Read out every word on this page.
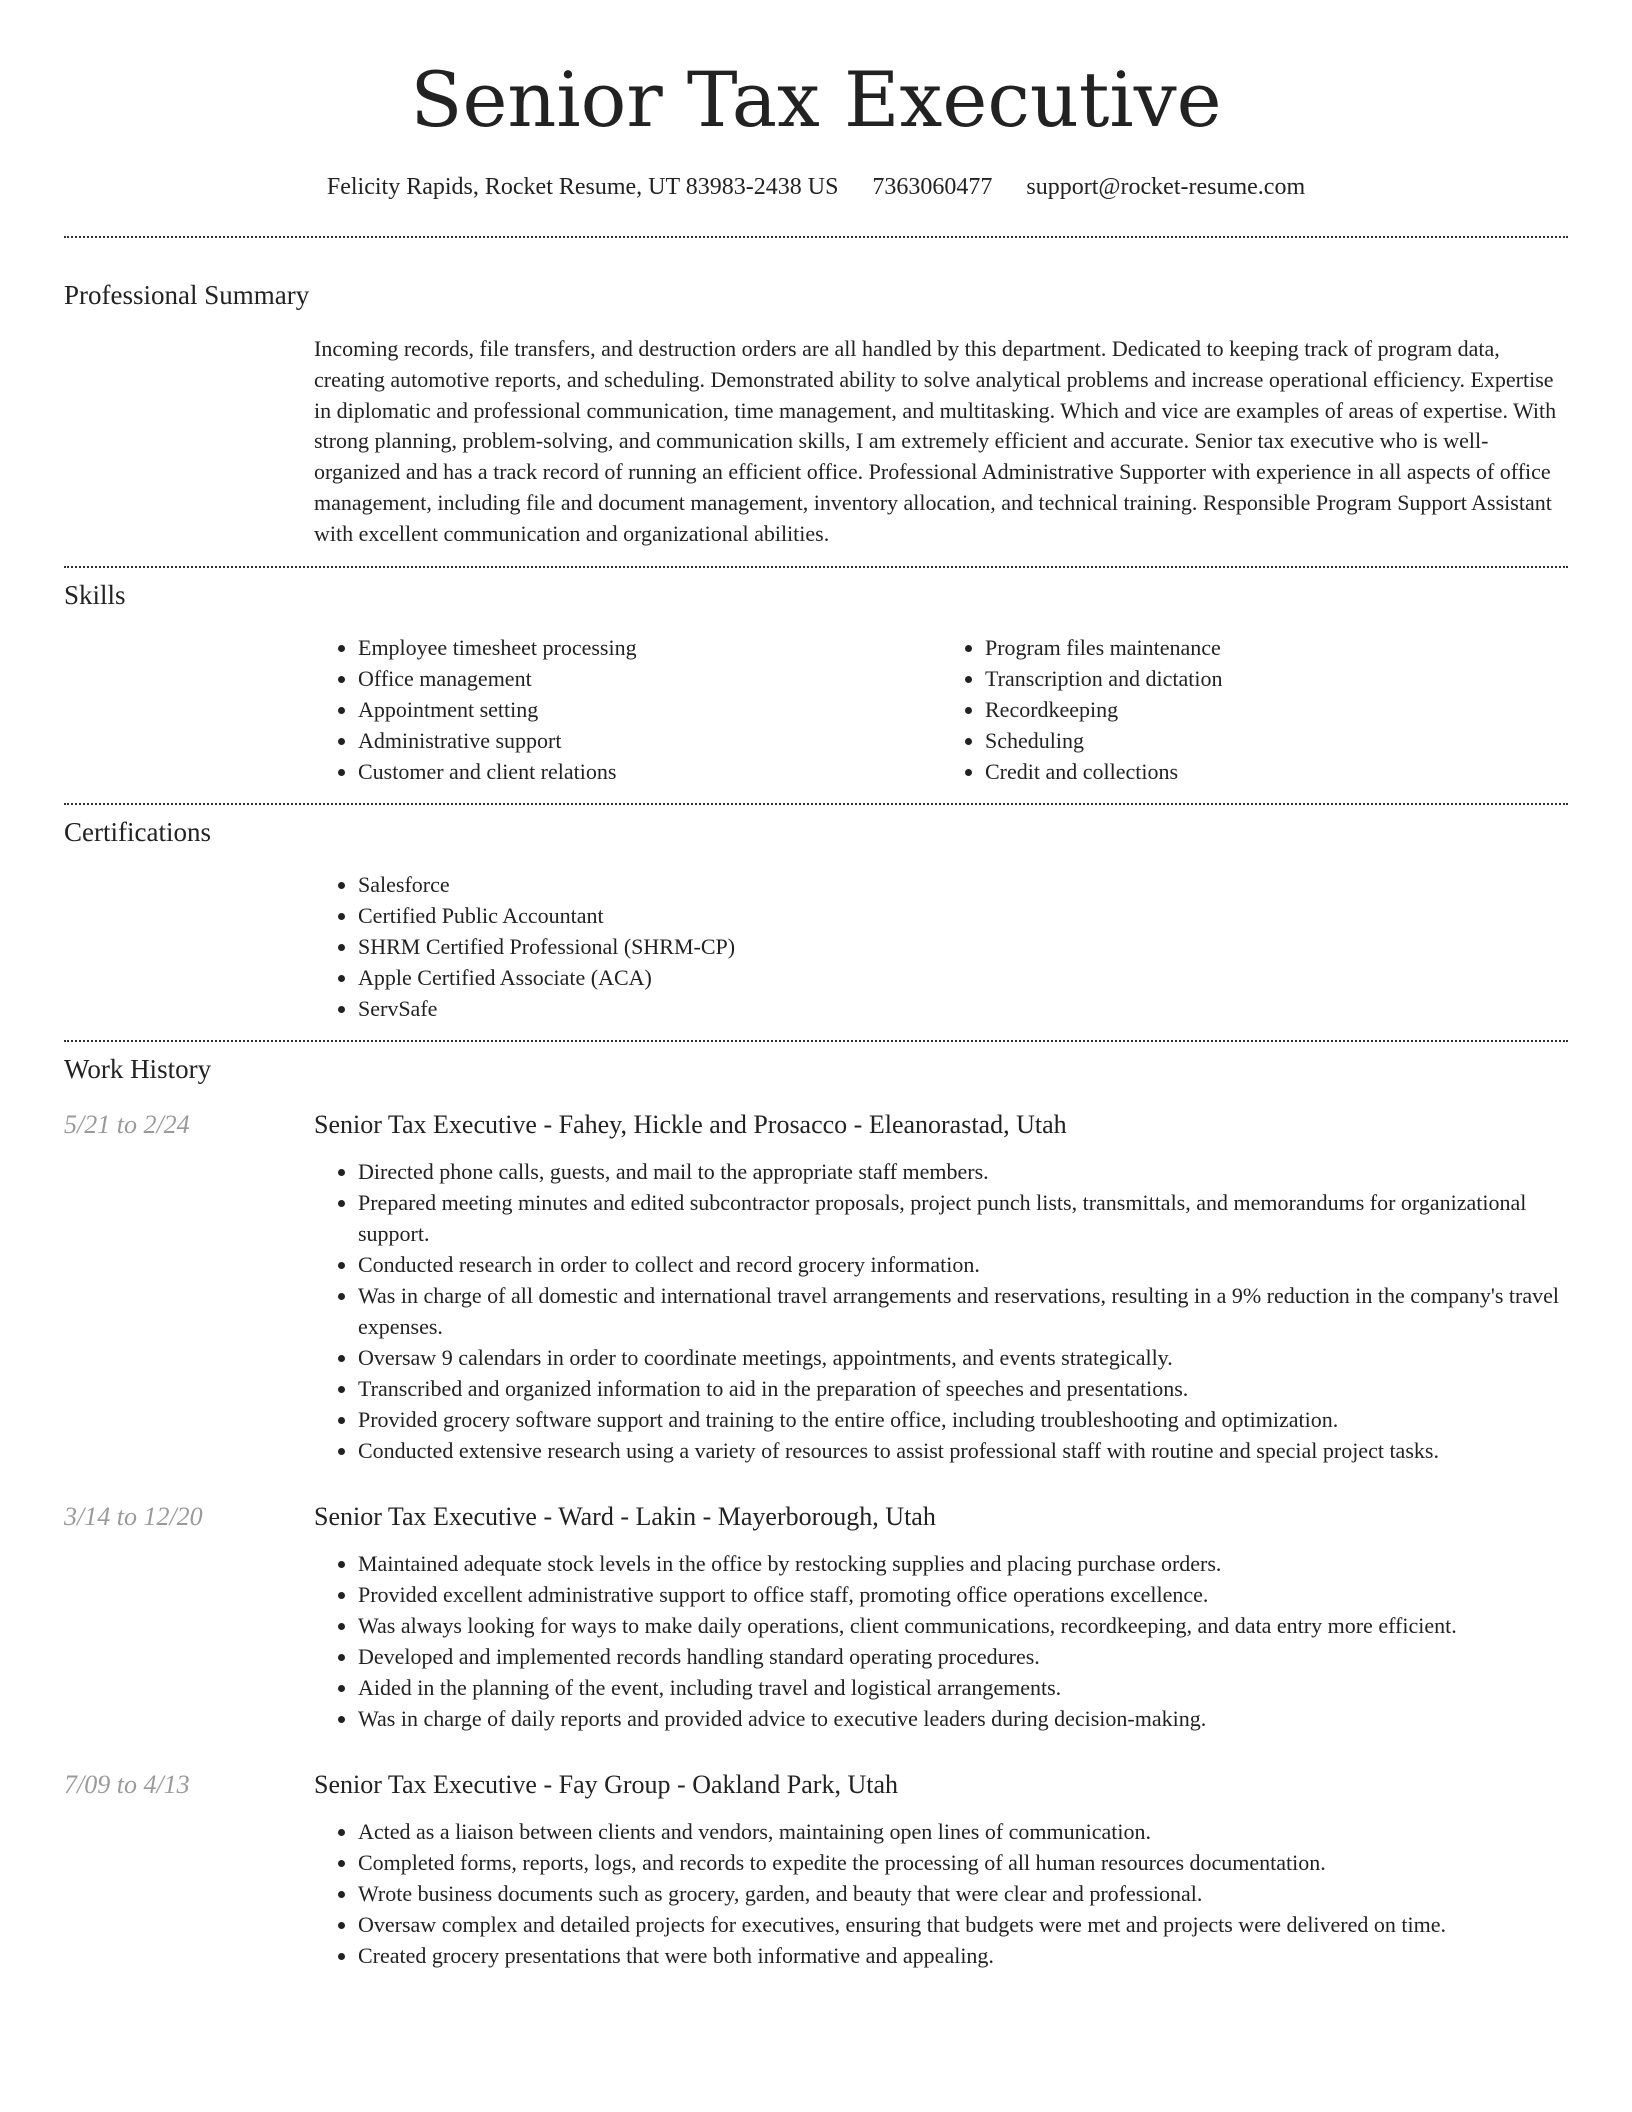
Senior Tax Executive
Felicity Rapids, Rocket Resume, UT 83983-2438 US 7363060477 support@rocket-resume.com
Professional Summary

Incoming records, file transfers, and destruction orders are all handled by this department. Dedicated to keeping track of program data, creating automotive reports, and scheduling. Demonstrated ability to solve analytical problems and increase operational efficiency. Expertise in diplomatic and professional communication, time management, and multitasking. Which and vice are examples of areas of expertise. With strong planning, problem-solving, and communication skills, I am extremely efficient and accurate. Senior tax executive who is well-organized and has a track record of running an efficient office. Professional Administrative Supporter with experience in all aspects of office management, including file and document management, inventory allocation, and technical training. Responsible Program Support Assistant with excellent communication and organizational abilities.

Skills
• Employee timesheet processing
• Office management
• Appointment setting
• Administrative support
• Customer and client relations
• Program files maintenance
• Transcription and dictation
• Recordkeeping
• Scheduling
• Credit and collections
Certifications
• Salesforce
• Certified Public Accountant
• SHRM Certified Professional (SHRM-CP)
• Apple Certified Associate (ACA)
• ServSafe
Work History
5/21 to 2/24	Senior Tax Executive - Fahey, Hickle and Prosacco - Eleanorastad, Utah
• Directed phone calls, guests, and mail to the appropriate staff members.
• Prepared meeting minutes and edited subcontractor proposals, project punch lists, transmittals, and memorandums for organizational support.
• Conducted research in order to collect and record grocery information.
• Was in charge of all domestic and international travel arrangements and reservations, resulting in a 9% reduction in the company's travel expenses.
• Oversaw 9 calendars in order to coordinate meetings, appointments, and events strategically.
• Transcribed and organized information to aid in the preparation of speeches and presentations.
• Provided grocery software support and training to the entire office, including troubleshooting and optimization.
• Conducted extensive research using a variety of resources to assist professional staff with routine and special project tasks.
3/14 to 12/20	Senior Tax Executive - Ward - Lakin - Mayerborough, Utah
• Maintained adequate stock levels in the office by restocking supplies and placing purchase orders.
• Provided excellent administrative support to office staff, promoting office operations excellence.
• Was always looking for ways to make daily operations, client communications, recordkeeping, and data entry more efficient.
• Developed and implemented records handling standard operating procedures.
• Aided in the planning of the event, including travel and logistical arrangements.
• Was in charge of daily reports and provided advice to executive leaders during decision-making.
7/09 to 4/13	Senior Tax Executive - Fay Group - Oakland Park, Utah
• Acted as a liaison between clients and vendors, maintaining open lines of communication.
• Completed forms, reports, logs, and records to expedite the processing of all human resources documentation.
• Wrote business documents such as grocery, garden, and beauty that were clear and professional.
• Oversaw complex and detailed projects for executives, ensuring that budgets were met and projects were delivered on time.
• Created grocery presentations that were both informative and appealing.
